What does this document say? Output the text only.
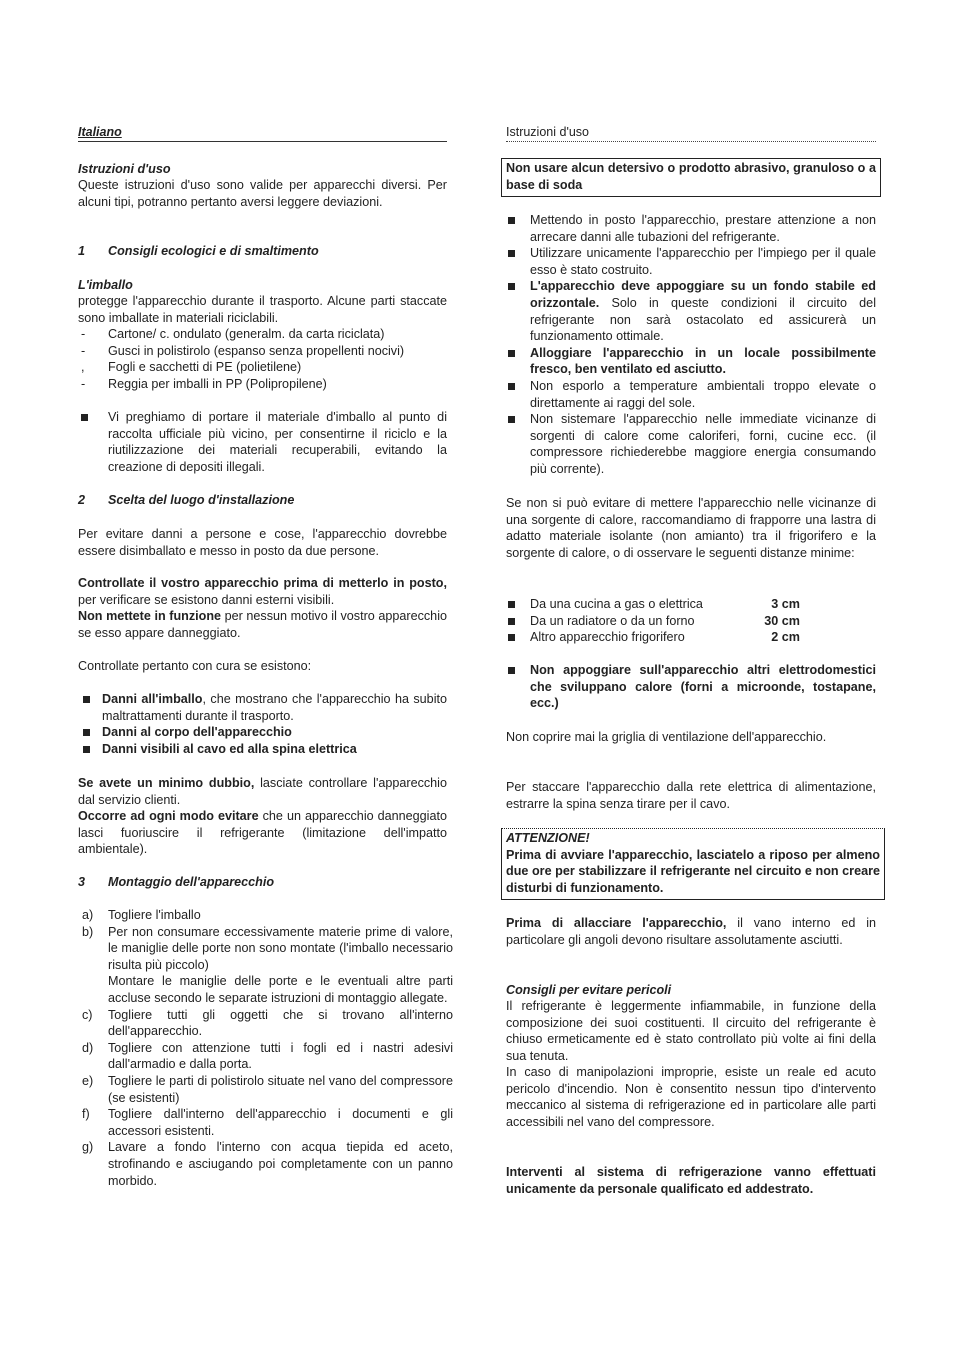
Italiano	Istruzioni d'uso
Istruzioni d'uso

Queste istruzioni d'uso sono valide per apparecchi diversi. Per alcuni tipi, potranno pertanto aversi leggere deviazioni.

1	Consigli ecologici e di smaltimento
L'imballo

protegge l'apparecchio durante il trasporto. Alcune parti staccate sono imballate in materiali riciclabili.

- Cartone/ c. ondulato (generalm. da carta riciclata)
- Gusci in polistirolo (espanso senza propellenti nocivi)
, Fogli e sacchetti di PE (polietilene)
- Reggia per imballi in PP (Polipropilene)
Vi preghiamo di portare il materiale d'imballo al punto di raccolta ufficiale più vicino, per consentirne il riciclo e la riutilizzazione dei materiali recuperabili, evitando la creazione di depositi illegali.
2	Scelta del luogo d'installazione

Per evitare danni a persone e cose, l'apparecchio dovrebbe essere disimballato e messo in posto da due persone.

Controllate il vostro apparecchio prima di metterlo in posto, per verificare se esistono danni esterni visibili.

Non mettete in funzione per nessun motivo il vostro apparecchio se esso appare danneggiato.

Controllate pertanto con cura se esistono:

Danni all'imballo, che mostrano che l'apparecchio ha subito maltrattamenti durante il trasporto.
Danni al corpo dell'apparecchio
Danni visibili al cavo ed alla spina elettrica

Se avete un minimo dubbio, lasciate controllare l'apparecchio dal servizio clienti.

Occorre ad ogni modo evitare che un apparecchio danneggiato lasci fuoriuscire il refrigerante (limitazione dell'impatto ambientale).

3	Montaggio dell'apparecchio
a) Togliere l'imballo
b) Per non consumare eccessivamente materie prime di valore, le maniglie delle porte non sono montate (l'imballo necessario risulta più piccolo)
Montare le maniglie delle porte e le eventuali altre parti accluse secondo le separate istruzioni di montaggio allegate.
c) Togliere tutti gli oggetti che si trovano all'interno dell'apparecchio.
d) Togliere con attenzione tutti i fogli ed i nastri adesivi dall'armadio e dalla porta.
e) Togliere le parti di polistirolo situate nel vano del compressore (se esistenti)
f) Togliere dall'interno dell'apparecchio i documenti e gli accessori esistenti.
g) Lavare a fondo l'interno con acqua tiepida ed aceto, strofinando e asciugando poi completamente con un panno morbido.
Non usare alcun detersivo o prodotto abrasivo, granuloso o a base di soda
Mettendo in posto l'apparecchio, prestare attenzione a non arrecare danni alle tubazioni del refrigerante.
Utilizzare unicamente l'apparecchio per l'impiego per il quale esso è stato costruito.
L'apparecchio deve appoggiare su un fondo stabile ed orizzontale. Solo in queste condizioni il circuito del refrigerante non sarà ostacolato ed assicurerà un funzionamento ottimale.
Alloggiare l'apparecchio in un locale possibilmente fresco, ben ventilato ed asciutto.
Non esporlo a temperature ambientali troppo elevate o direttamente ai raggi del sole.
Non sistemare l'apparecchio nelle immediate vicinanze di sorgenti di calore come caloriferi, forni, cucine ecc. (il compressore richiederebbe maggiore energia consumando più corrente).

Se non si può evitare di mettere l'apparecchio nelle vicinanze di una sorgente di calore, raccomandiamo di frapporre una lastra di adatto materiale isolante (non amianto) tra il frigorifero e la sorgente di calore, o di osservare le seguenti distanze minime:

Da una cucina a gas o elettrica	3 cm
Da un radiatore o da un forno	30 cm
Altro apparecchio frigorifero	2 cm
Non appoggiare sull'apparecchio altri elettrodomestici che sviluppano calore (forni a microonde, tostapane, ecc.)

Non coprire mai la griglia di ventilazione dell'apparecchio.

Per staccare l'apparecchio dalla rete elettrica di alimentazione, estrarre la spina senza tirare per il cavo.

ATTENZIONE!

Prima di avviare l'apparecchio, lasciatelo a riposo per almeno due ore per stabilizzare il refrigerante nel circuito e non creare disturbi di funzionamento.

Prima di allacciare l'apparecchio, il vano interno ed in particolare gli angoli devono risultare assolutamente asciutti.

Consigli per evitare pericoli

Il refrigerante è leggermente infiammabile, in funzione della composizione dei suoi costituenti. Il circuito del refrigerante è chiuso ermeticamente ed è stato controllato più volte ai fini della sua tenuta.

In caso di manipolazioni improprie, esiste un reale ed acuto pericolo d'incendio. Non è consentito nessun tipo d'intervento meccanico al sistema di refrigerazione ed in particolare alle parti accessibili nel vano del compressore.

Interventi al sistema di refrigerazione vanno effettuati unicamente da personale qualificato ed addestrato.
